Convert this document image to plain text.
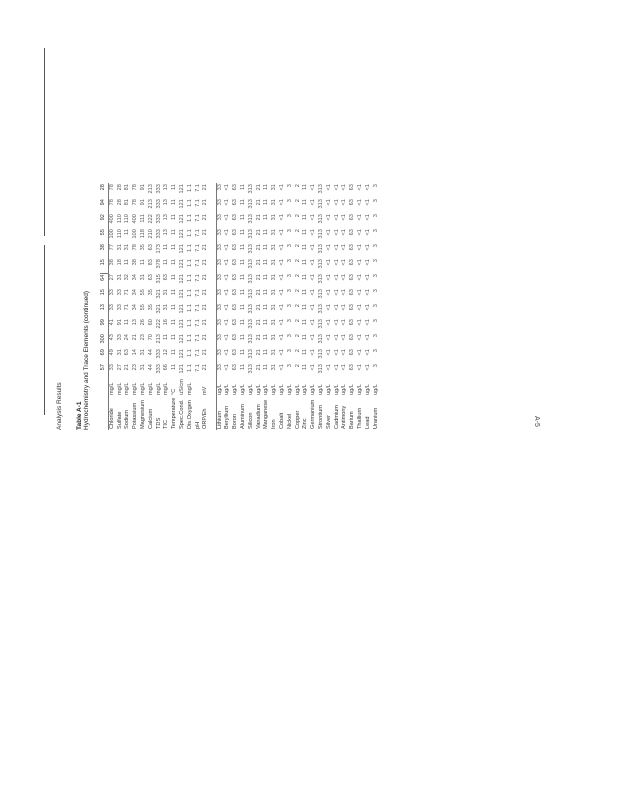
Analysis Results Table A-1 Hydrochemistry and Trace Elements (continued)
		57	69	300	99	13	15	64	15	38	55	92	94	28
Chloride	mg/L	33	49	43	41	33	33	27	38	77	100	400	78	78
Sulfate	mg/L	27	31	33	91	33	33	31	18	31	110	110	28	28
Sodium	mg/L	21	63	24	11	71	71	32	11	31	11	110	81	81
Potassium	mg/L	23	14	21	13	34	34	34	38	78	100	400	78	78
Magnesium	mg/L	31	31	23	26	55	55	31	11	35	118	111	91	91
Calcium	mg/L	44	44	70	60	35	35	63	83	63	210	222	213	213
TDS	mg/L	333	333	213	222	321	321	315	378	173	333	333	333	333
TIC	mg/L	66	12	11	16	31	31	63	11	11	13	13	13	13
Temperature	°C	11	11	11	11	11	11	11	11	11	11	11	11	11
Spec.Cond.	uS/cm	121	121	121	121	121	121	121	121	121	121	121	121	121
Dis.Oxygen	mg/L	1.1	1.1	1.1	1.1	1.1	1.1	1.1	1.1	1.1	1.1	1.1	1.1	1.1
pH		7.1	7.1	7.1	7.1	7.1	7.1	7.1	7.1	7.1	7.1	7.1	7.1	7.1
ORP/Eh	mV	21	21	21	21	21	21	21	21	21	21	21	21	21

Lithium	ug/L	33	33	33	33	33	33	33	33	33	33	33	33	33
Beryllium	ug/L	<1	<1	<1	<1	<1	<1	<1	<1	<1	<1	<1	<1	<1
Boron	ug/L	63	63	63	63	63	63	63	63	63	63	63	63	63
Aluminum	ug/L	11	11	11	11	11	11	11	11	11	11	11	11	11
Silicon	ug/L	313	313	313	313	313	313	313	313	313	313	313	313	313
Vanadium	ug/L	21	21	21	21	21	21	21	21	21	21	21	21	21
Manganese	ug/L	11	11	11	11	11	11	11	11	11	11	11	11	11
Iron	ug/L	31	31	31	31	31	31	31	31	31	31	31	31	31
Cobalt	ug/L	<1	<1	<1	<1	<1	<1	<1	<1	<1	<1	<1	<1	<1
Nickel	ug/L	3	3	3	3	3	3	3	3	3	3	3	3	3
Copper	ug/L	2	2	2	2	2	2	2	2	2	2	2	2	2
Zinc	ug/L	11	11	11	11	11	11	11	11	11	11	11	11	11
Germanium	ug/L	<1	<1	<1	<1	<1	<1	<1	<1	<1	<1	<1	<1	<1
Strontium	ug/L	313	313	313	313	313	313	313	313	313	313	313	313	313
Silver	ug/L	<1	<1	<1	<1	<1	<1	<1	<1	<1	<1	<1	<1	<1
Cadmium	ug/L	<1	<1	<1	<1	<1	<1	<1	<1	<1	<1	<1	<1	<1
Antimony	ug/L	<1	<1	<1	<1	<1	<1	<1	<1	<1	<1	<1	<1	<1
Barium	ug/L	63	63	63	63	63	63	63	63	63	63	63	63	63
Thallium	ug/L	<1	<1	<1	<1	<1	<1	<1	<1	<1	<1	<1	<1	<1
Lead	ug/L	<1	<1	<1	<1	<1	<1	<1	<1	<1	<1	<1	<1	<1
Uranium	ug/L	3	3	3	3	3	3	3	3	3	3	3	3	3
A-5
